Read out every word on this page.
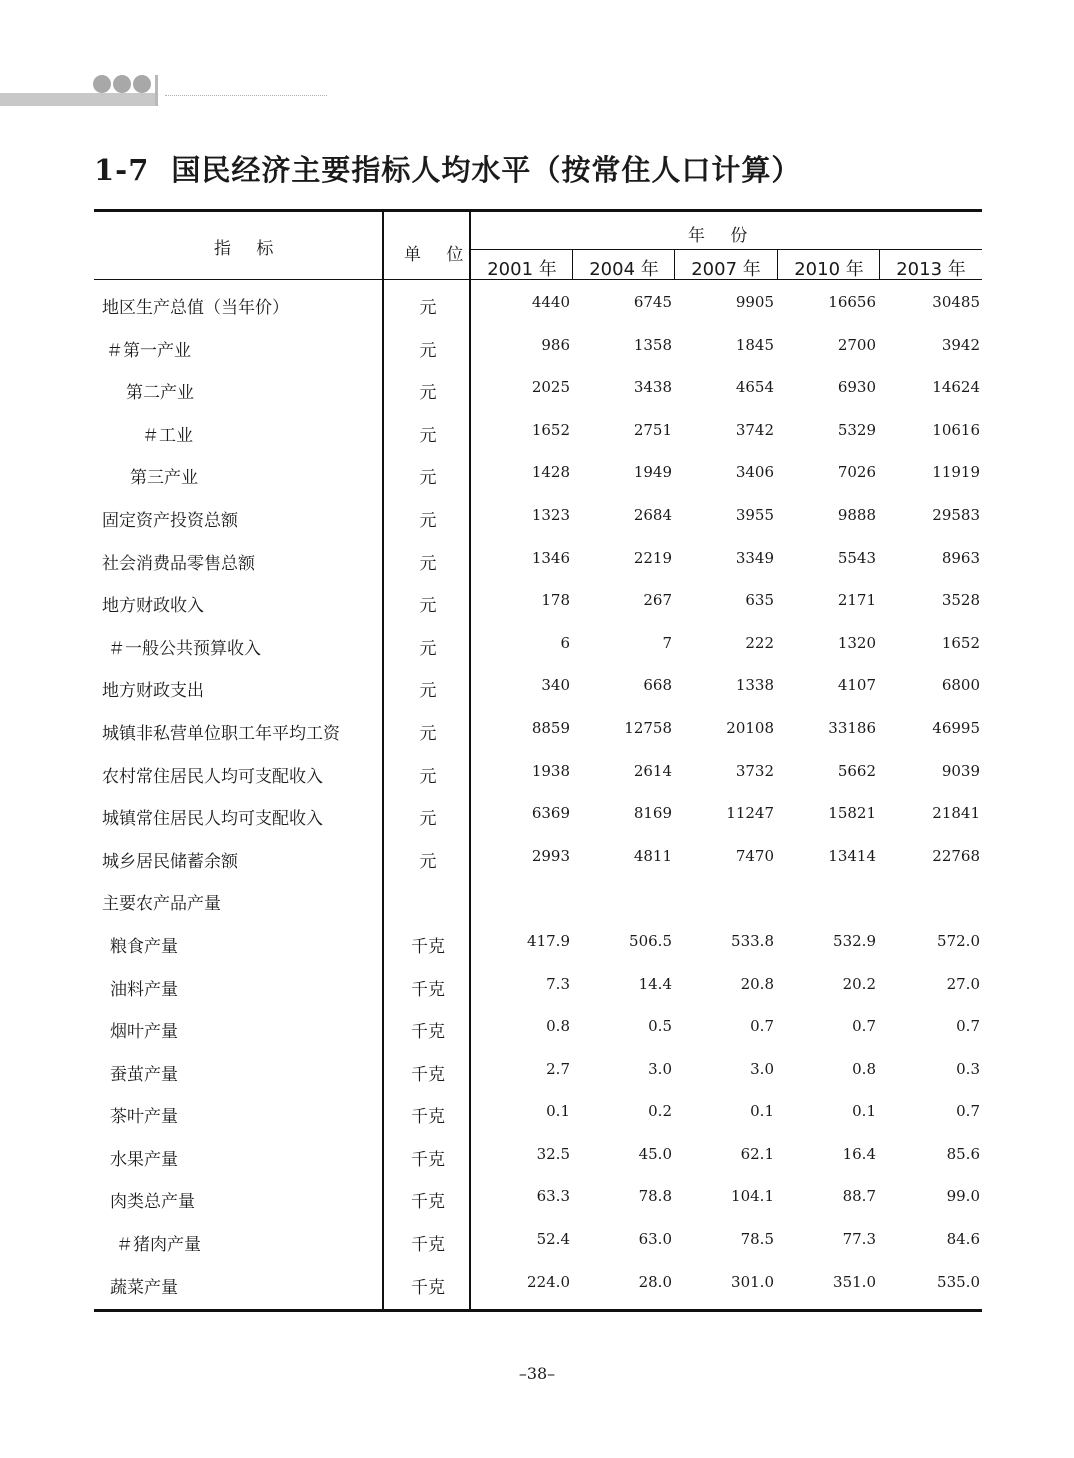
1-7 国民经济主要指标人均水平（按常住人口计算）
指 标	单 位
年 份
2001 年	2004 年	2007 年	2010 年	2013 年
地区生产总值（当年价）	元	4440	6745	9905	16656	30485
＃第一产业	元	986	1358	1845	2700	3942
第二产业	元	2025	3438	4654	6930	14624
＃工业	元	1652	2751	3742	5329	10616
第三产业	元	1428	1949	3406	7026	11919
固定资产投资总额	元	1323	2684	3955	9888	29583
社会消费品零售总额	元	1346	2219	3349	5543	8963
地方财政收入	元	178	267	635	2171	3528
＃一般公共预算收入	元	6	7	222	1320	1652
地方财政支出	元	340	668	1338	4107	6800
城镇非私营单位职工年平均工资	元	8859	12758	20108	33186	46995
农村常住居民人均可支配收入	元	1938	2614	3732	5662	9039
城镇常住居民人均可支配收入	元	6369	8169	11247	15821	21841
城乡居民储蓄余额	元	2993	4811	7470	13414	22768
主要农产品产量
粮食产量	千克	417.9	506.5	533.8	532.9	572.0
油料产量	千克	7.3	14.4	20.8	20.2	27.0
烟叶产量	千克	0.8	0.5	0.7	0.7	0.7
蚕茧产量	千克	2.7	3.0	3.0	0.8	0.3
茶叶产量	千克	0.1	0.2	0.1	0.1	0.7
水果产量	千克	32.5	45.0	62.1	16.4	85.6
肉类总产量	千克	63.3	78.8	104.1	88.7	99.0
＃猪肉产量	千克	52.4	63.0	78.5	77.3	84.6
蔬菜产量	千克	224.0	28.0	301.0	351.0	535.0
–38–
